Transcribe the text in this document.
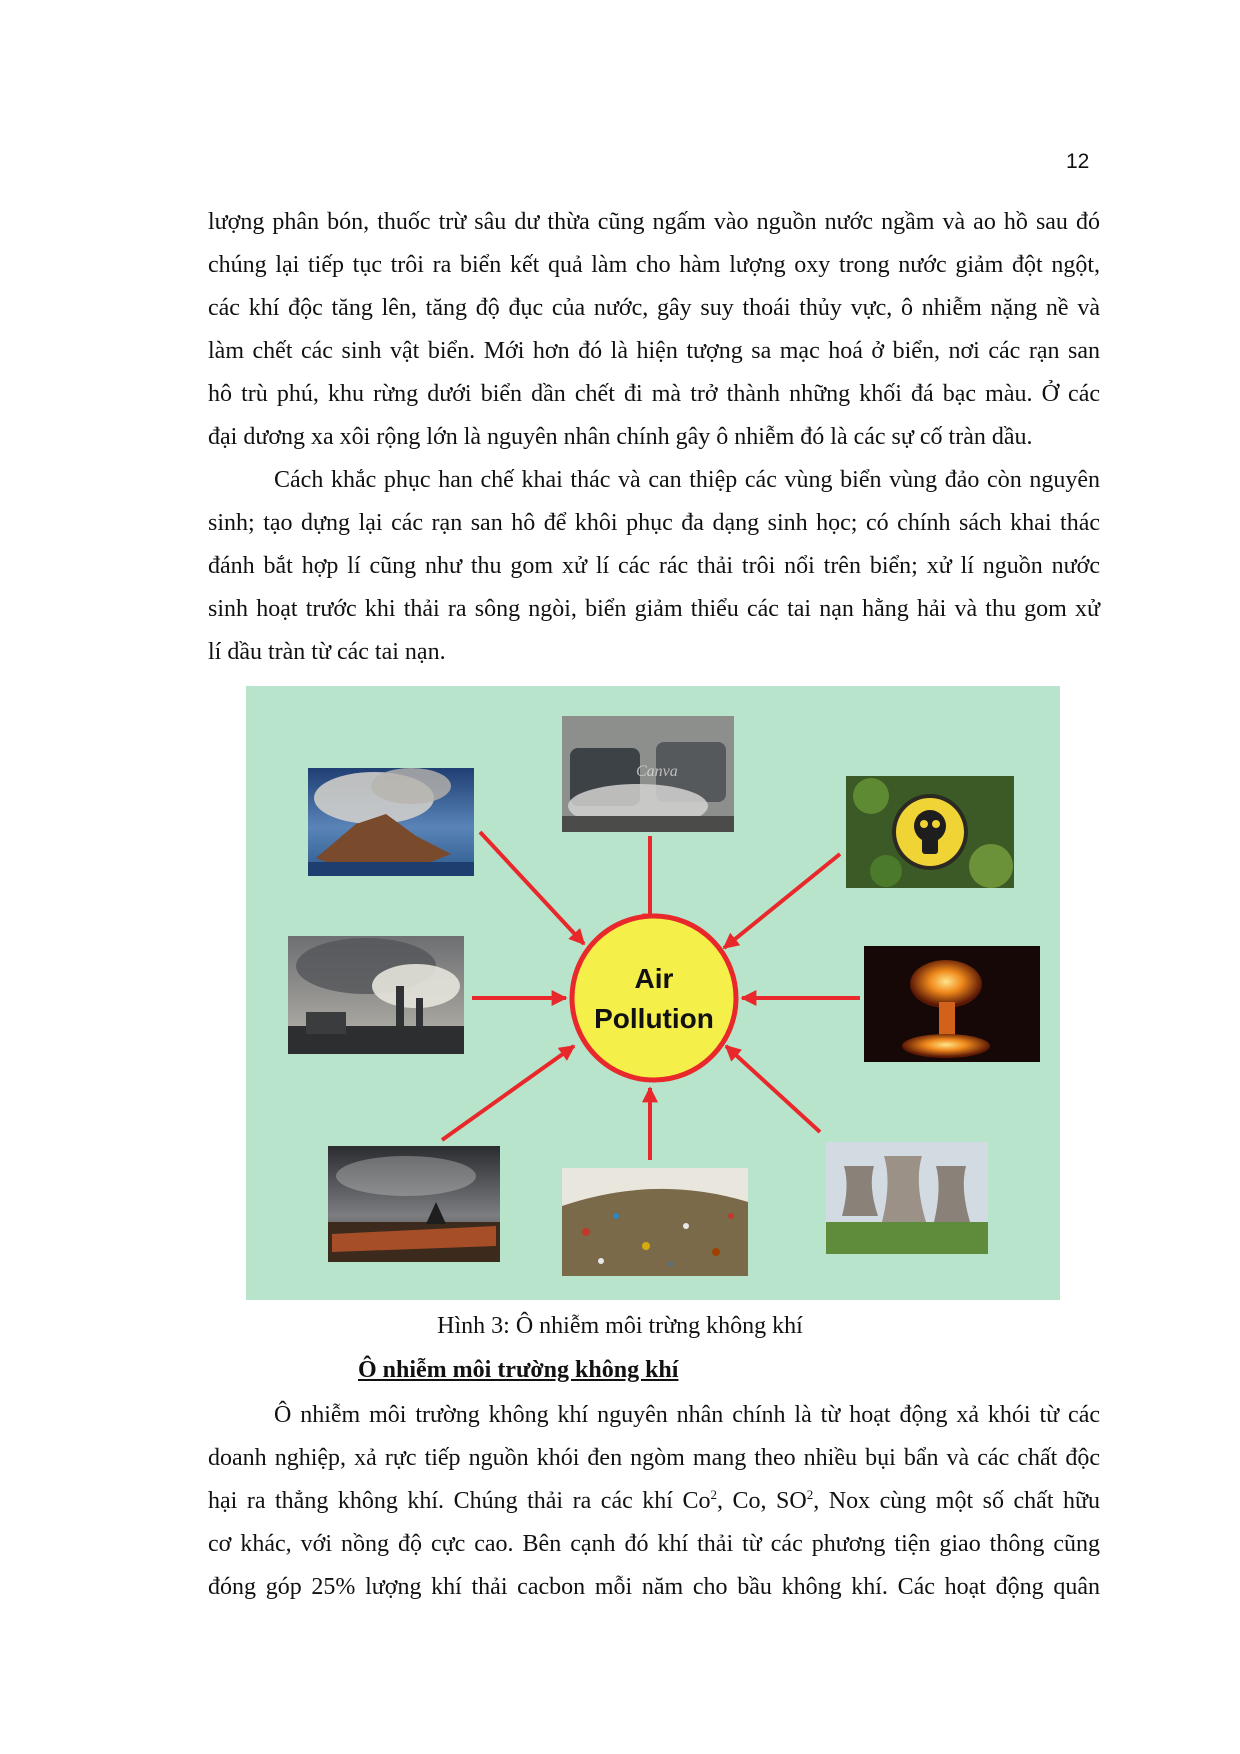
12
lượng phân bón, thuốc trừ sâu dư thừa cũng ngấm vào nguồn nước ngầm và ao hồ sau đó
chúng lại tiếp tục trôi ra biển kết quả làm cho hàm lượng oxy trong nước giảm đột ngột,
các khí độc tăng lên, tăng độ đục của nước, gây suy thoái thủy vực, ô nhiễm nặng nề và
làm chết các sinh vật biển. Mới hơn đó là hiện tượng sa mạc hoá ở biển, nơi các rạn san
hô trù phú, khu rừng dưới biển dần chết đi mà trở thành những khối đá bạc màu. Ở các
đại dương xa xôi rộng lớn là nguyên nhân chính gây ô nhiễm đó là các sự cố tràn dầu.
Cách khắc phục han chế khai thác và can thiệp các vùng biển vùng đảo còn nguyên
sinh; tạo dựng lại các rạn san hô để khôi phục đa dạng sinh học; có chính sách khai thác
đánh bắt hợp lí cũng như thu gom xử lí các rác thải trôi nổi trên biển; xử lí nguồn nước
sinh hoạt trước khi thải ra sông ngòi, biển giảm thiểu các tai nạn hằng hải và thu gom xử
lí dầu tràn từ các tai nạn.
Canva
Air
Pollution
Hình 3: Ô nhiễm môi trừng không khí
Ô nhiễm môi trường không khí
Ô nhiễm môi trường không khí nguyên nhân chính là từ hoạt động xả khói từ các
doanh nghiệp, xả rực tiếp nguồn khói đen ngòm mang theo nhiều bụi bẩn và các chất độc
hại ra thẳng không khí. Chúng thải ra các khí Co$^2$, Co, $SO^2$, Nox cùng một số chất hữu
cơ khác, với nồng độ cực cao. Bên cạnh đó khí thải từ các phương tiện giao thông cũng
đóng góp 25% lượng khí thải cacbon mỗi năm cho bầu không khí. Các hoạt động quân
